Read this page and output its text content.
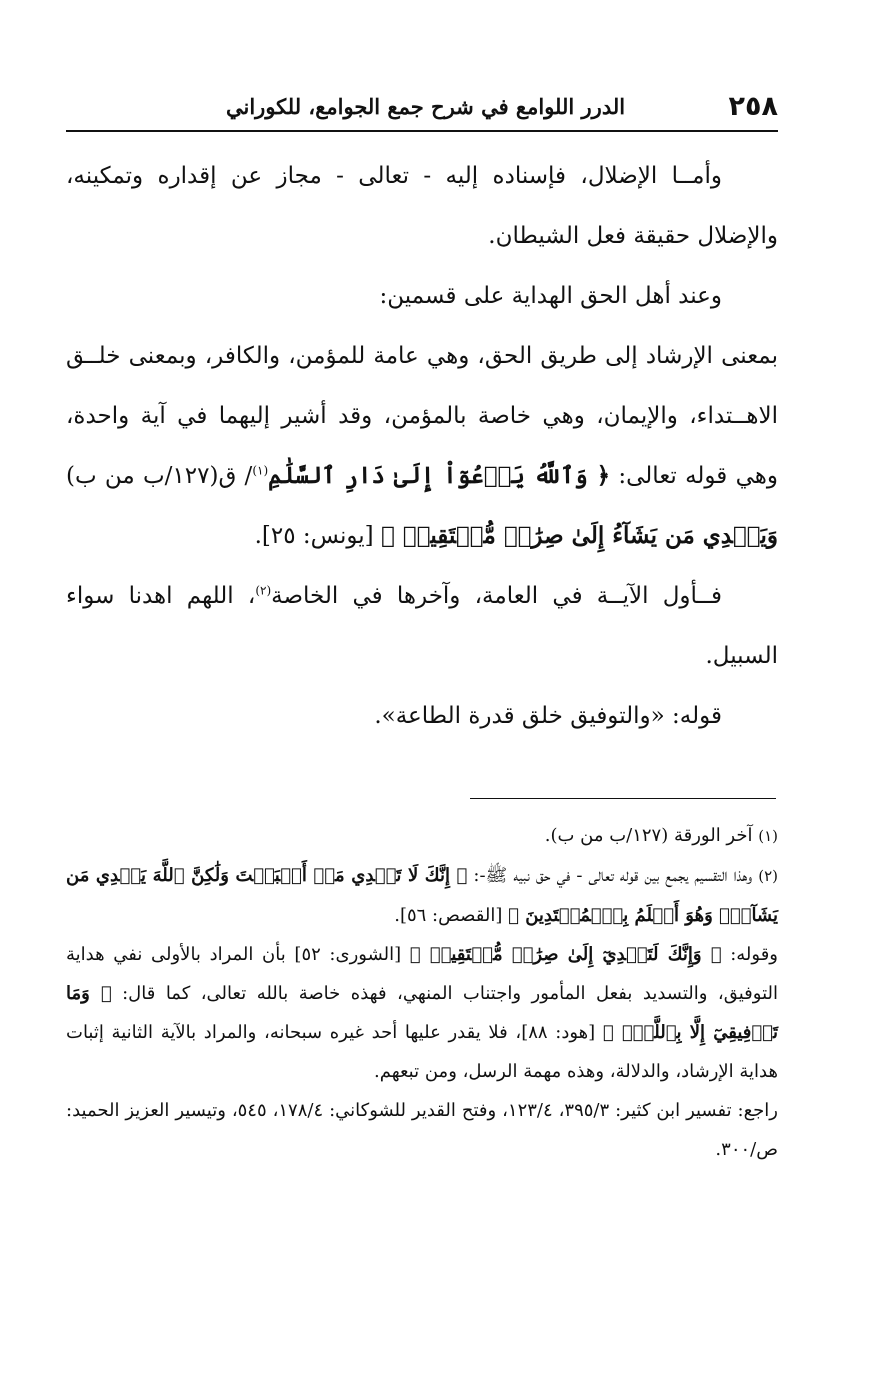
٢٥٨
الدرر اللوامع في شرح جمع الجوامع، للكوراني

وأمــا الإضلال، فإسناده إليه - تعالى - مجاز عن إقداره وتمكينه، والإضلال حقيقة فعل الشيطان.

وعند أهل الحق الهداية على قسمين:

بمعنى الإرشاد إلى طريق الحق، وهي عامة للمؤمن، والكافر، وبمعنى خلــق الاهــتداء، والإيمان، وهي خاصة بالمؤمن، وقد أشير إليهما في آية واحدة، وهي قوله تعالى: ﴿ وَٱللَّهُ يَدۡعُوٓاْ إِلَىٰ دَارِ ٱلسَّلَٰمِ$^{(١)}$/ ق(١٢٧/ب من ب) وَيَهۡدِي مَن يَشَآءُ إِلَىٰ صِرَٰطٖ مُّسۡتَقِيمٖ ﴾ [يونس: ٢٥].

فــأول الآيــة في العامة، وآخرها في الخاصة$^{(٢)}$، اللهم اهدنا سواء السبيل.

قوله: «والتوفيق خلق قدرة الطاعة».

(١) آخر الورقة (١٢٧/ب من ب).

(٢) وهذا التقسيم يجمع بين قوله تعالى - في حق نبيه ﷺ-: ﴿ إِنَّكَ لَا تَهۡدِي مَنۡ أَحۡبَبۡتَ وَلَٰكِنَّ ٱللَّهَ يَهۡدِي مَن يَشَآءُۚ وَهُوَ أَعۡلَمُ بِٱلۡمُهۡتَدِينَ ﴾ [القصص: ٥٦].

وقوله: ﴿ وَإِنَّكَ لَتَهۡدِيٓ إِلَىٰ صِرَٰطٖ مُّسۡتَقِيمٖ ﴾ [الشورى: ٥٢] بأن المراد بالأولى نفي هداية التوفيق، والتسديد بفعل المأمور واجتناب المنهي، فهذه خاصة بالله تعالى، كما قال: ﴿ وَمَا تَوۡفِيقِيٓ إِلَّا بِٱللَّهِۚ ﴾ [هود: ٨٨]، فلا يقدر عليها أحد غيره سبحانه، والمراد بالآية الثانية إثبات هداية الإرشاد، والدلالة، وهذه مهمة الرسل، ومن تبعهم.

راجع: تفسير ابن كثير: ٣٩٥/٣، ١٢٣/٤، وفتح القدير للشوكاني: ١٧٨/٤، ٥٤٥، وتيسير العزيز الحميد: ص/٣٠٠.
